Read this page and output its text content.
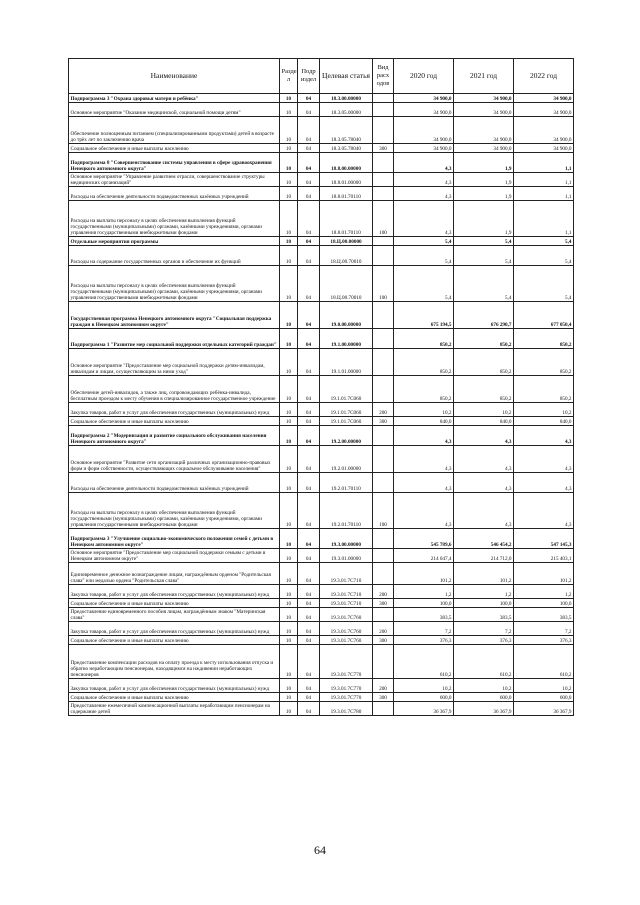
Наименование	Разде л	Подр издел	Целевая статья	Вид расх одов	2020 год	2021 год	2022 год
Подпрограмма 3 "Охрана здоровья матери и ребёнка"	10	04	18.3.00.00000		34 900,0	34 900,0	34 900,0
Основное мероприятие "Оказание медицинской, социальной помощи детям"	10	04	18.3.05.00000		34 900,0	34 900,0	34 900,0
Обеспечение полноценным питанием (специализированными продуктами) детей в возрасте до трёх лет по заключению врача	10	04	18.3.05.78040		34 900,0	34 900,0	34 900,0
Социальное обеспечение и иные выплаты населению	10	04	18.3.05.78040	300	34 900,0	34 900,0	34 900,0
Подпрограмма 8 "Совершенствование системы управления в сфере здравоохранения Ненецкого автономного округа"	10	04	18.8.00.00000		4,3	1,9	1,1
Основное мероприятие "Управление развитием отрасли, совершенствование структуры медицинских организаций"	10	04	18.8.01.00000		4,3	1,9	1,1
Расходы на обеспечение деятельности подведомственных казённых учреждений	10	04	18.8.01.70110		4,3	1,9	1,1
Расходы на выплаты персоналу в целях обеспечения выполнения функций государственными (муниципальными) органами, казёнными учреждениями, органами управления государственными внебюджетными фондами	10	04	18.8.01.70110	100	4,3	1,9	1,1
Отдельные мероприятия программы	10	04	18.Ц.00.00000		5,4	5,4	5,4
Расходы на содержание государственных органов и обеспечение их функций	10	04	18.Ц.00.70010		5,4	5,4	5,4
Расходы на выплаты персоналу в целях обеспечения выполнения функций государственными (муниципальными) органами, казёнными учреждениями, органами управления государственными внебюджетными фондами	10	04	18.Ц.00.70010	100	5,4	5,4	5,4
Государственная программа Ненецкого автономного округа "Социальная поддержка граждан в Ненецком автономном округе"	10	04	19.0.00.00000		675 194,5	676 290,7	677 050,4
Подпрограмма 1 "Развитие мер социальной поддержки отдельных категорий граждан"	10	04	19.1.00.00000		850,2	850,2	850,2
Основное мероприятие "Предоставление мер социальной поддержки детям-инвалидам, инвалидам и лицам, осуществляющим за ними уход"	10	04	19.1.01.00000		850,2	850,2	850,2
Обеспечение детей-инвалидов, а также лиц, сопровождающих ребёнка-инвалида, бесплатным проездом к месту обучения в специализированное государственное учреждение	10	04	19.1.01.7С060		850,2	850,2	850,2
Закупка товаров, работ и услуг для обеспечения государственных (муниципальных) нужд	10	04	19.1.01.7С060	200	10,2	10,2	10,2
Социальное обеспечение и иные выплаты населению	10	04	19.1.01.7С060	300	840,0	840,0	840,0
Подпрограмма 2 "Модернизация и развитие социального обслуживания населения Ненецкого автономного округа"	10	04	19.2.00.00000		4,3	4,3	4,3
Основное мероприятие "Развитие сети организаций различных организационно-правовых форм и форм собственности, осуществляющих социальное обслуживание населения"	10	04	19.2.01.00000		4,3	4,3	4,3
Расходы на обеспечение деятельности подведомственных казённых учреждений	10	04	19.2.01.70110		4,3	4,3	4,3
Расходы на выплаты персоналу в целях обеспечения выполнения функций государственными (муниципальными) органами, казёнными учреждениями, органами управления государственными внебюджетными фондами	10	04	19.2.01.70110	100	4,3	4,3	4,3
Подпрограмма 3 "Улучшение социально-экономического положения семей с детьми в Ненецком автономном округе"	10	04	19.3.00.00000		545 789,6	546 454,2	547 145,3
Основное мероприятие "Предоставление мер социальной поддержки семьям с детьми в Ненецком автономном округе"	10	04	19.3.01.00000		214 047,4	214 712,0	215 403,1
Единовременное денежное вознаграждение лицам, награждённым орденом "Родительская слава" или медалью ордена "Родительская слава"	10	04	19.3.01.7С710		101,2	101,2	101,2
Закупка товаров, работ и услуг для обеспечения государственных (муниципальных) нужд	10	04	19.3.01.7С710	200	1,2	1,2	1,2
Социальное обеспечение и иные выплаты населению	10	04	19.3.01.7С710	300	100,0	100,0	100,0
Предоставление единовременного пособия лицам, награждённым знаком "Материнская слава"	10	04	19.3.01.7С760		383,5	383,5	383,5
Закупка товаров, работ и услуг для обеспечения государственных (муниципальных) нужд	10	04	19.3.01.7С760	200	7,2	7,2	7,2
Социальное обеспечение и иные выплаты населению	10	04	19.3.01.7С760	300	376,3	376,3	376,3
Предоставление компенсации расходов на оплату проезда к месту использования отпуска и обратно неработающим пенсионерам, находящимся на иждивении неработающих пенсионеров	10	04	19.3.01.7С770		610,2	610,2	610,2
Закупка товаров, работ и услуг для обеспечения государственных (муниципальных) нужд	10	04	19.3.01.7С770	200	10,2	10,2	10,2
Социальное обеспечение и иные выплаты населению	10	04	19.3.01.7С770	300	600,0	600,0	600,0
Предоставление ежемесячной компенсационной выплаты неработающим пенсионерам на содержание детей	10	04	19.3.01.7С780		36 367,9	36 367,9	36 367,9
64
